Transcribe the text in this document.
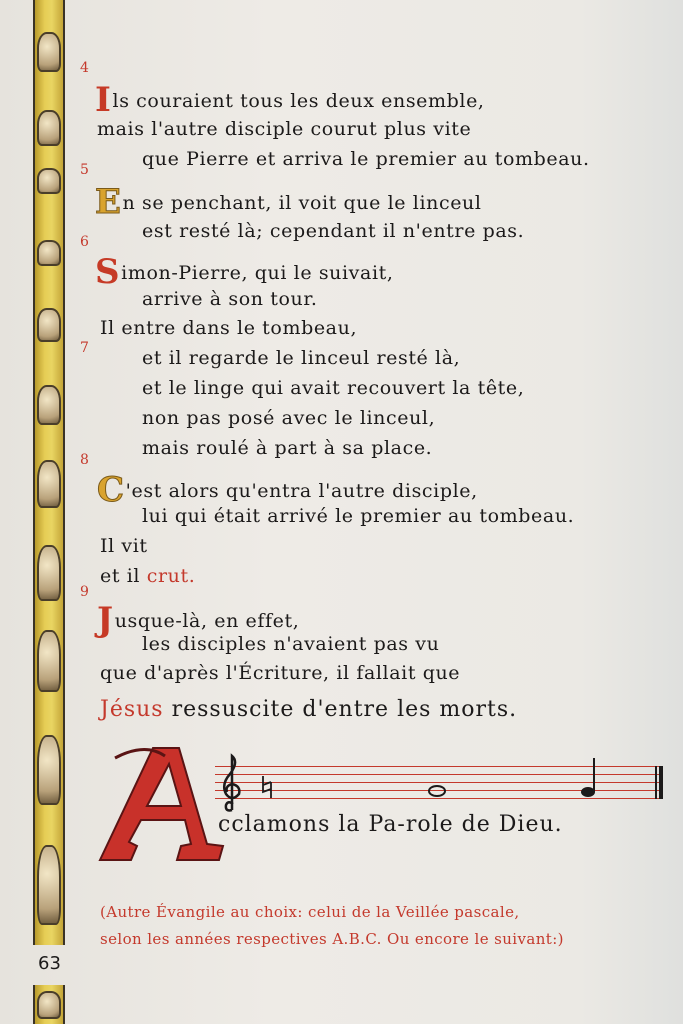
4
Ils couraient tous les deux ensemble,
mais l'autre disciple courut plus vite
que Pierre et arriva le premier au tombeau.
5
En se penchant, il voit que le linceul
est resté là; cependant il n'entre pas.
6
Simon-Pierre, qui le suivait,
arrive à son tour.
Il entre dans le tombeau,
7	et il regarde le linceul resté là,
et le linge qui avait recouvert la tête,
non pas posé avec le linceul,
mais roulé à part à sa place.
8
C'est alors qu'entra l'autre disciple,
lui qui était arrivé le premier au tombeau.
Il vit
et il crut.
9
Jusque-là, en effet,
les disciples n'avaient pas vu
que d'après l'Écriture, il fallait que
Jésus ressuscite d'entre les morts.
cclamons la Pa-role de Dieu.
(Autre Évangile au choix: celui de la Veillée pascale,
selon les années respectives A.B.C. Ou encore le suivant:)
63
